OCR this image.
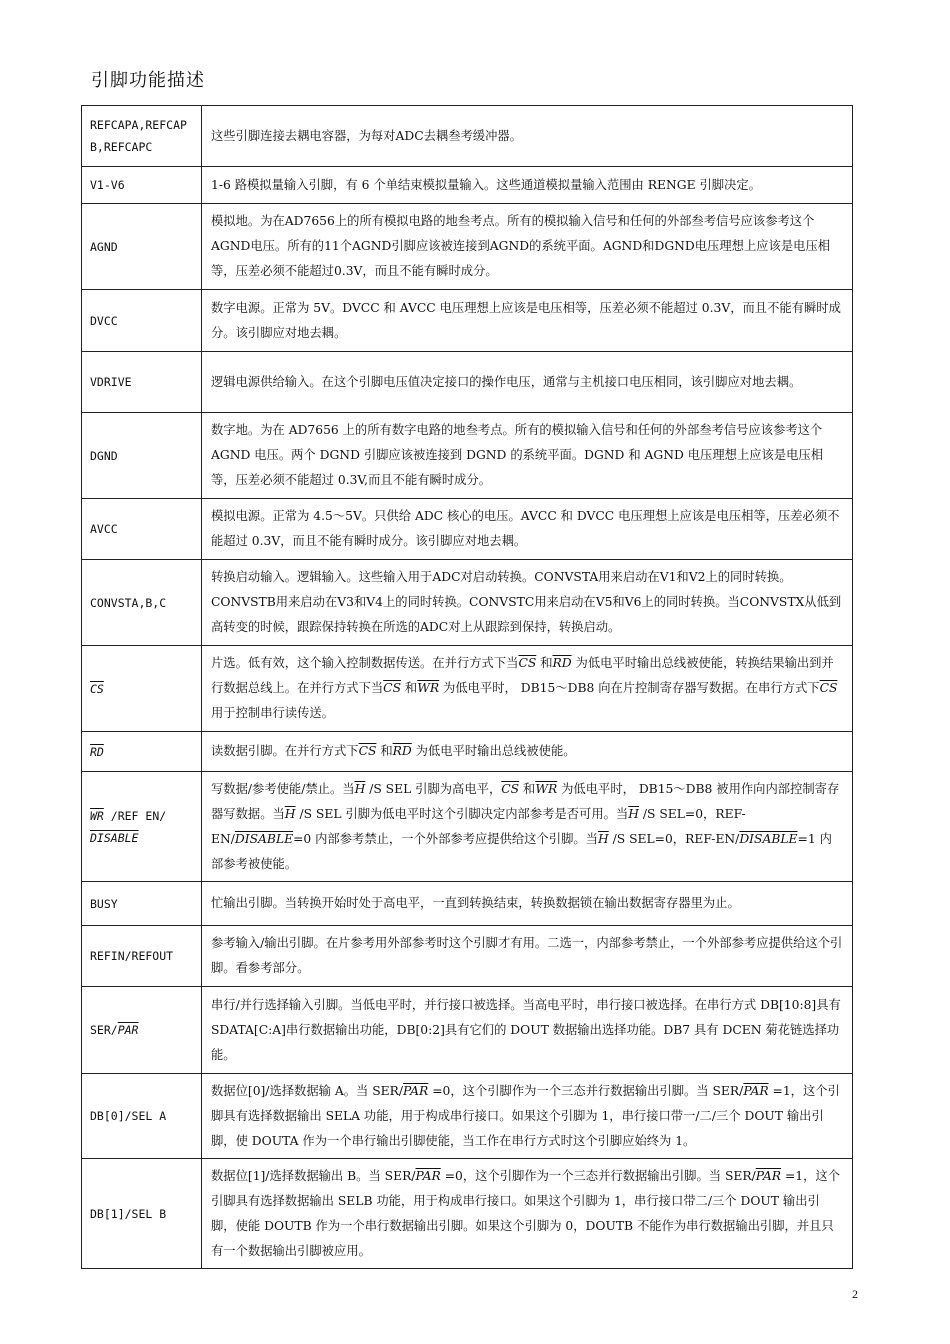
引脚功能描述
REFCAPA,REFCAP
B,REFCAPC	这些引脚连接去耦电容器，为每对ADC去耦叁考缓冲器。
V1-V6	1-6 路模拟量输入引脚，有 6 个单结束模拟量输入。这些通道模拟量输入范围由 RENGE 引脚决定。
AGND	模拟地。为在AD7656上的所有模拟电路的地叁考点。所有的模拟输入信号和任何的外部叁考信号应该参考这个AGND电压。所有的11个AGND引脚应该被连接到AGND的系统平面。AGND和DGND电压理想上应该是电压相等，压差必须不能超过0.3V，而且不能有瞬时成分。
DVCC	数字电源。正常为 5V。DVCC 和 AVCC 电压理想上应该是电压相等，压差必须不能超过 0.3V，而且不能有瞬时成分。该引脚应对地去耦。
VDRIVE	逻辑电源供给输入。在这个引脚电压值决定接口的操作电压，通常与主机接口电压相同，该引脚应对地去耦。
DGND	数字地。为在 AD7656 上的所有数字电路的地叁考点。所有的模拟输入信号和任何的外部叁考信号应该参考这个 AGND 电压。两个 DGND 引脚应该被连接到 DGND 的系统平面。DGND 和 AGND 电压理想上应该是电压相等，压差必须不能超过 0.3V,而且不能有瞬时成分。
AVCC	模拟电源。正常为 4.5～5V。只供给 ADC 核心的电压。AVCC 和 DVCC 电压理想上应该是电压相等，压差必须不能超过 0.3V，而且不能有瞬时成分。该引脚应对地去耦。
CONVSTA,B,C	转换启动输入。逻辑输入。这些输入用于ADC对启动转换。CONVSTA用来启动在V1和V2上的同时转换。CONVSTB用来启动在V3和V4上的同时转换。CONVSTC用来启动在V5和V6上的同时转换。当CONVSTX从低到高转变的时候，跟踪保持转换在所选的ADC对上从跟踪到保持，转换启动。
$\overline{CS}$	片选。低有效，这个输入控制数据传送。在并行方式下当$\overline{CS}$ 和$\overline{RD}$ 为低电平时输出总线被使能，转换结果输出到并行数据总线上。在并行方式下当$\overline{CS}$ 和$\overline{WR}$ 为低电平时， DB15～DB8 向在片控制寄存器写数据。在串行方式下$\overline{CS}$ 用于控制串行读传送。
$\overline{RD}$	读数据引脚。在并行方式下$\overline{CS}$ 和$\overline{RD}$ 为低电平时输出总线被使能。

$\overline{WR}$ /REF EN/
DISABLE	写数据/参考使能/禁止。当$\overline{H}$ /S SEL 引脚为高电平，$\overline{CS}$ 和$\overline{WR}$ 为低电平时， DB15～DB8 被用作向内部控制寄存器写数据。当$\overline{H}$ /S SEL 引脚为低电平时这个引脚决定内部参考是否可用。当$\overline{H}$ /S SEL=0，REF-EN/DISABLE=0 内部参考禁止，一个外部参考应提供给这个引脚。当$\overline{H}$ /S SEL=0，REF-EN/DISABLE=1 内部参考被使能。
BUSY	忙输出引脚。当转换开始时处于高电平，一直到转换结束，转换数据锁在输出数据寄存器里为止。
REFIN/REFOUT	参考输入/输出引脚。在片参考用外部参考时这个引脚才有用。二选一，内部参考禁止，一个外部参考应提供给这个引脚。看参考部分。
SER/$\overline{PAR}$	串行/并行选择输入引脚。当低电平时，并行接口被选择。当高电平时，串行接口被选择。在串行方式 DB[10:8]具有 SDATA[C:A]串行数据输出功能，DB[0:2]具有它们的 DOUT 数据输出选择功能。DB7 具有 DCEN 菊花链选择功能。
DB[0]/SEL A	数据位[0]/选择数据输 A。当 SER/$\overline{PAR} =0$，这个引脚作为一个三态并行数据输出引脚。当 SER/$\overline{PAR} =1$，这个引脚具有选择数据输出 SELA 功能，用于构成串行接口。如果这个引脚为 1，串行接口带一/二/三个 DOUT 输出引脚，使 DOUTA 作为一个串行输出引脚使能，当工作在串行方式时这个引脚应始终为 1。
DB[1]/SEL B	数据位[1]/选择数据输出 B。当 SER/$\overline{PAR} =0$，这个引脚作为一个三态并行数据输出引脚。当 SER/$\overline{PAR} =1$，这个引脚具有选择数据输出 SELB 功能，用于构成串行接口。如果这个引脚为 1，串行接口带二/三个 DOUT 输出引脚，使能 DOUTB 作为一个串行数据输出引脚。如果这个引脚为 0，DOUTB 不能作为串行数据输出引脚，并且只有一个数据输出引脚被应用。
2
